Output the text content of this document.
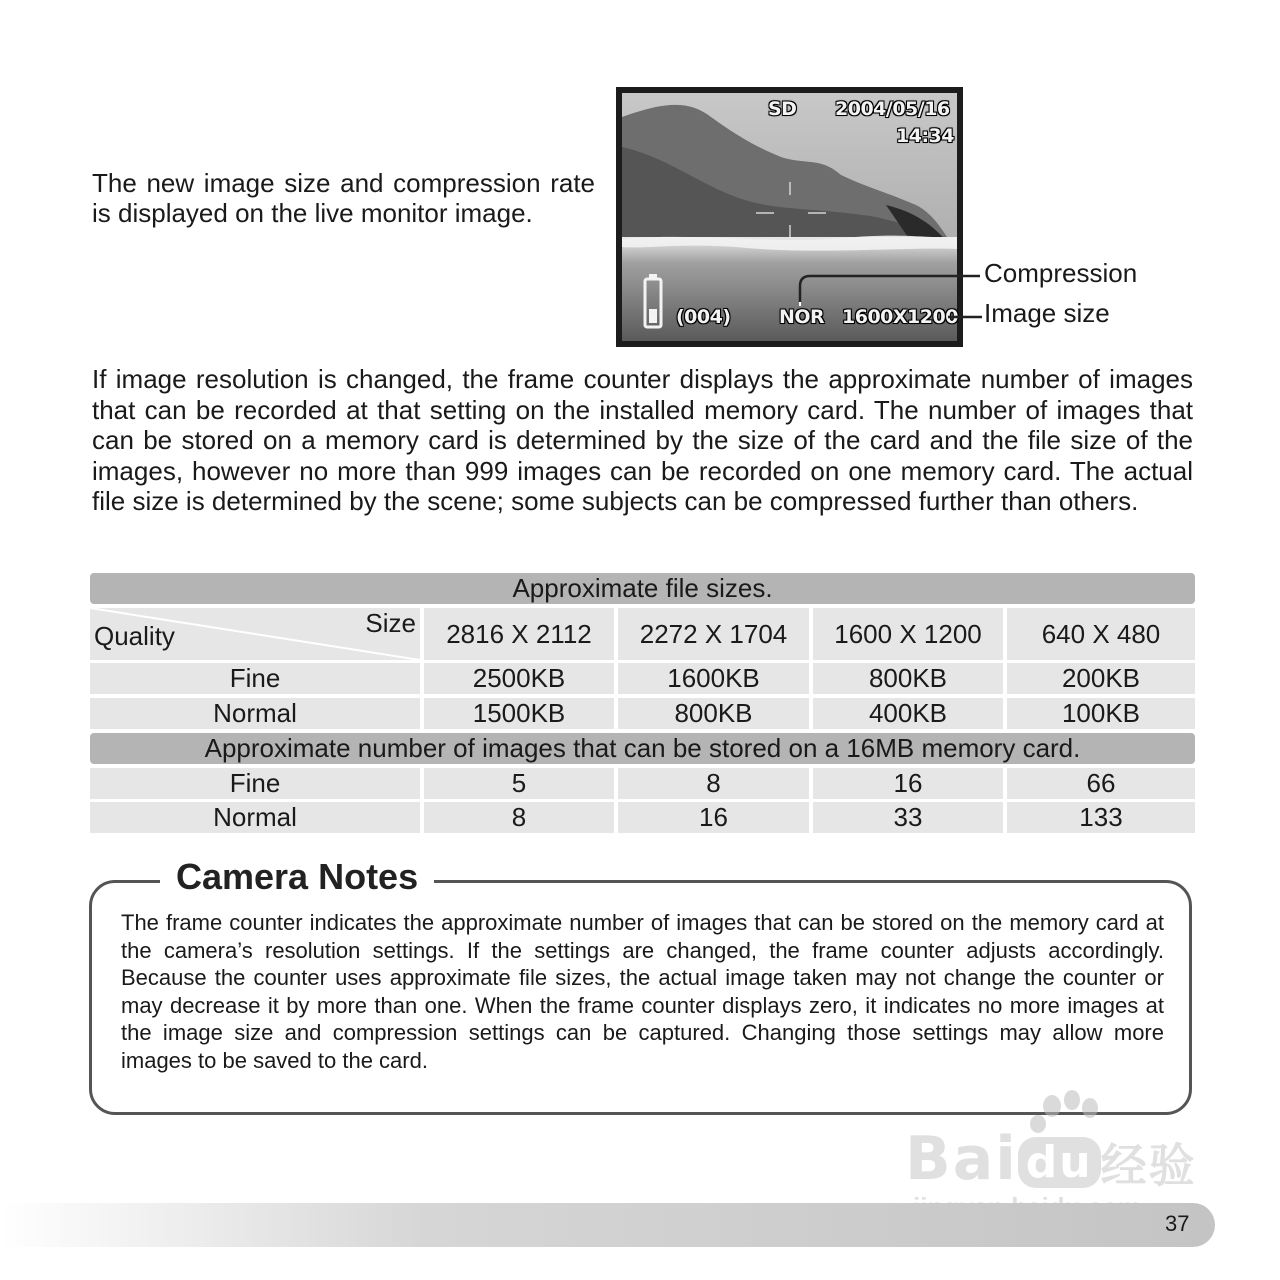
The new image size and compression rate is displayed on the live monitor image.

SD 2004/05/16
14:34
(004)	NOR 1600X1200
Compression
Image size

If image resolution is changed, the frame counter displays the approximate number of images that can be recorded at that setting on the installed memory card. The number of images that can be stored on a memory card is determined by the size of the card and the file size of the images, however no more than 999 images can be recorded on one memory card. The actual file size is determined by the scene; some subjects can be compressed further than others.

Approximate file sizes.
Size
Quality	2816 X 2112	2272 X 1704	1600 X 1200	640 X 480
Fine	2500KB	1600KB	800KB	200KB
Normal	1500KB	800KB	400KB	100KB
Approximate number of images that can be stored on a 16MB memory card.
Fine	5	8	16	66
Normal	8	16	33	133
Camera Notes

The frame counter indicates the approximate number of images that can be stored on the memory card at the camera’s resolution settings. If the settings are changed, the frame counter adjusts accordingly. Because the counter uses approximate file sizes, the actual image taken may not change the counter or may decrease it by more than one. When the frame counter displays zero, it indicates no more images at the image size and compression settings can be captured. Changing those settings may allow more images to be saved to the card.

Bai du 经验
37
